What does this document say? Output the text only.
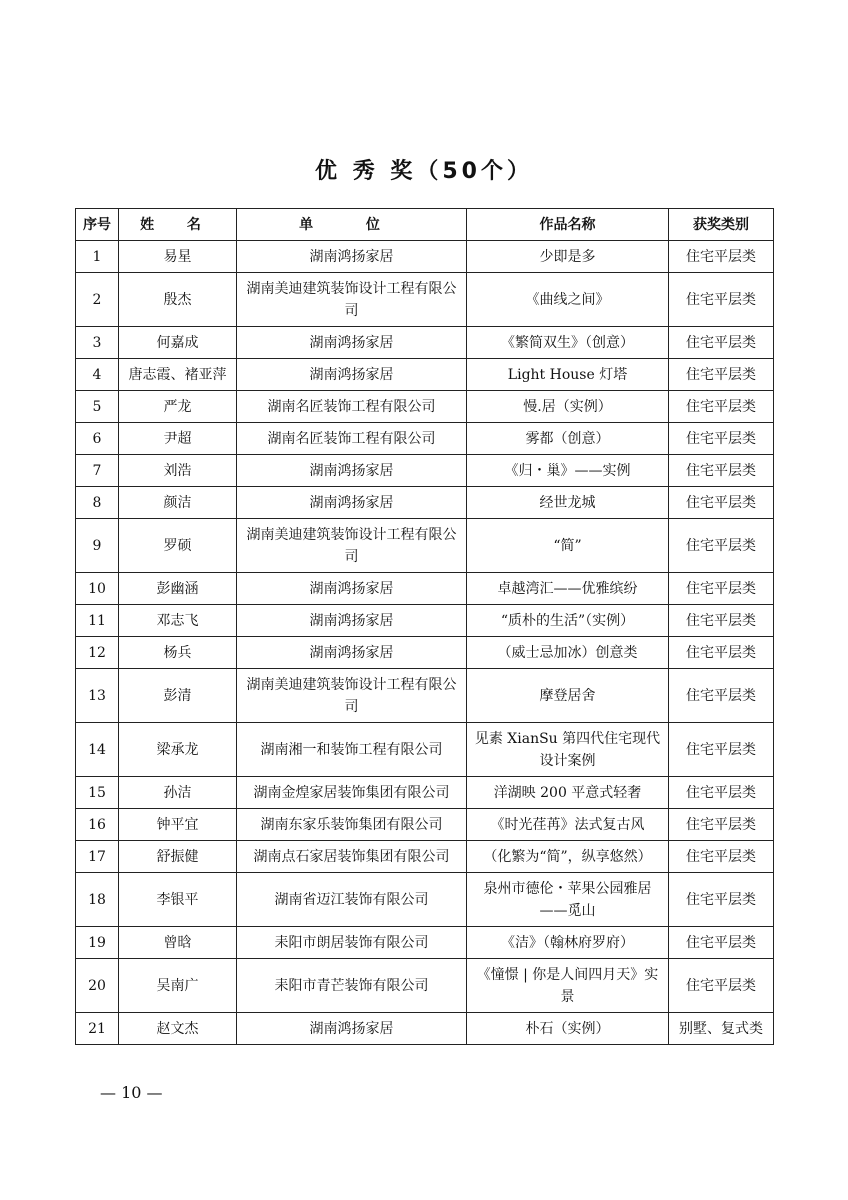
优 秀 奖（50个）
序号	姓 名	单 位	作品名称	获奖类别
1	易星	湖南鸿扬家居	少即是多	住宅平层类
2	殷杰	湖南美迪建筑装饰设计工程有限公司	《曲线之间》	住宅平层类
3	何嘉成	湖南鸿扬家居	《繁简双生》（创意）	住宅平层类
4	唐志霞、褚亚萍	湖南鸿扬家居	Light House 灯塔	住宅平层类
5	严龙	湖南名匠装饰工程有限公司	慢.居（实例）	住宅平层类
6	尹超	湖南名匠装饰工程有限公司	雾都（创意）	住宅平层类
7	刘浩	湖南鸿扬家居	《归・巢》——实例	住宅平层类
8	颜洁	湖南鸿扬家居	经世龙城	住宅平层类
9	罗硕	湖南美迪建筑装饰设计工程有限公司	“简”	住宅平层类
10	彭幽涵	湖南鸿扬家居	卓越湾汇——优雅缤纷	住宅平层类
11	邓志飞	湖南鸿扬家居	“质朴的生活”（实例）	住宅平层类
12	杨兵	湖南鸿扬家居	（威士忌加冰）创意类	住宅平层类
13	彭清	湖南美迪建筑装饰设计工程有限公司	摩登居舍	住宅平层类
14	梁承龙	湖南湘一和装饰工程有限公司	见素 XianSu 第四代住宅现代设计案例	住宅平层类
15	孙洁	湖南金煌家居装饰集团有限公司	洋湖映 200 平意式轻奢	住宅平层类
16	钟平宜	湖南东家乐装饰集团有限公司	《时光荏苒》法式复古风	住宅平层类
17	舒振健	湖南点石家居装饰集团有限公司	（化繁为“简”，纵享悠然）	住宅平层类
18	李银平	湖南省迈江装饰有限公司	泉州市德伦・苹果公园雅居——觅山	住宅平层类
19	曾晗	耒阳市朗居装饰有限公司	《洁》（翰林府罗府）	住宅平层类
20	吴南广	耒阳市青芒装饰有限公司	《憧憬 | 你是人间四月天》实景	住宅平层类
21	赵文杰	湖南鸿扬家居	朴石（实例）	别墅、复式类
— 10 —
